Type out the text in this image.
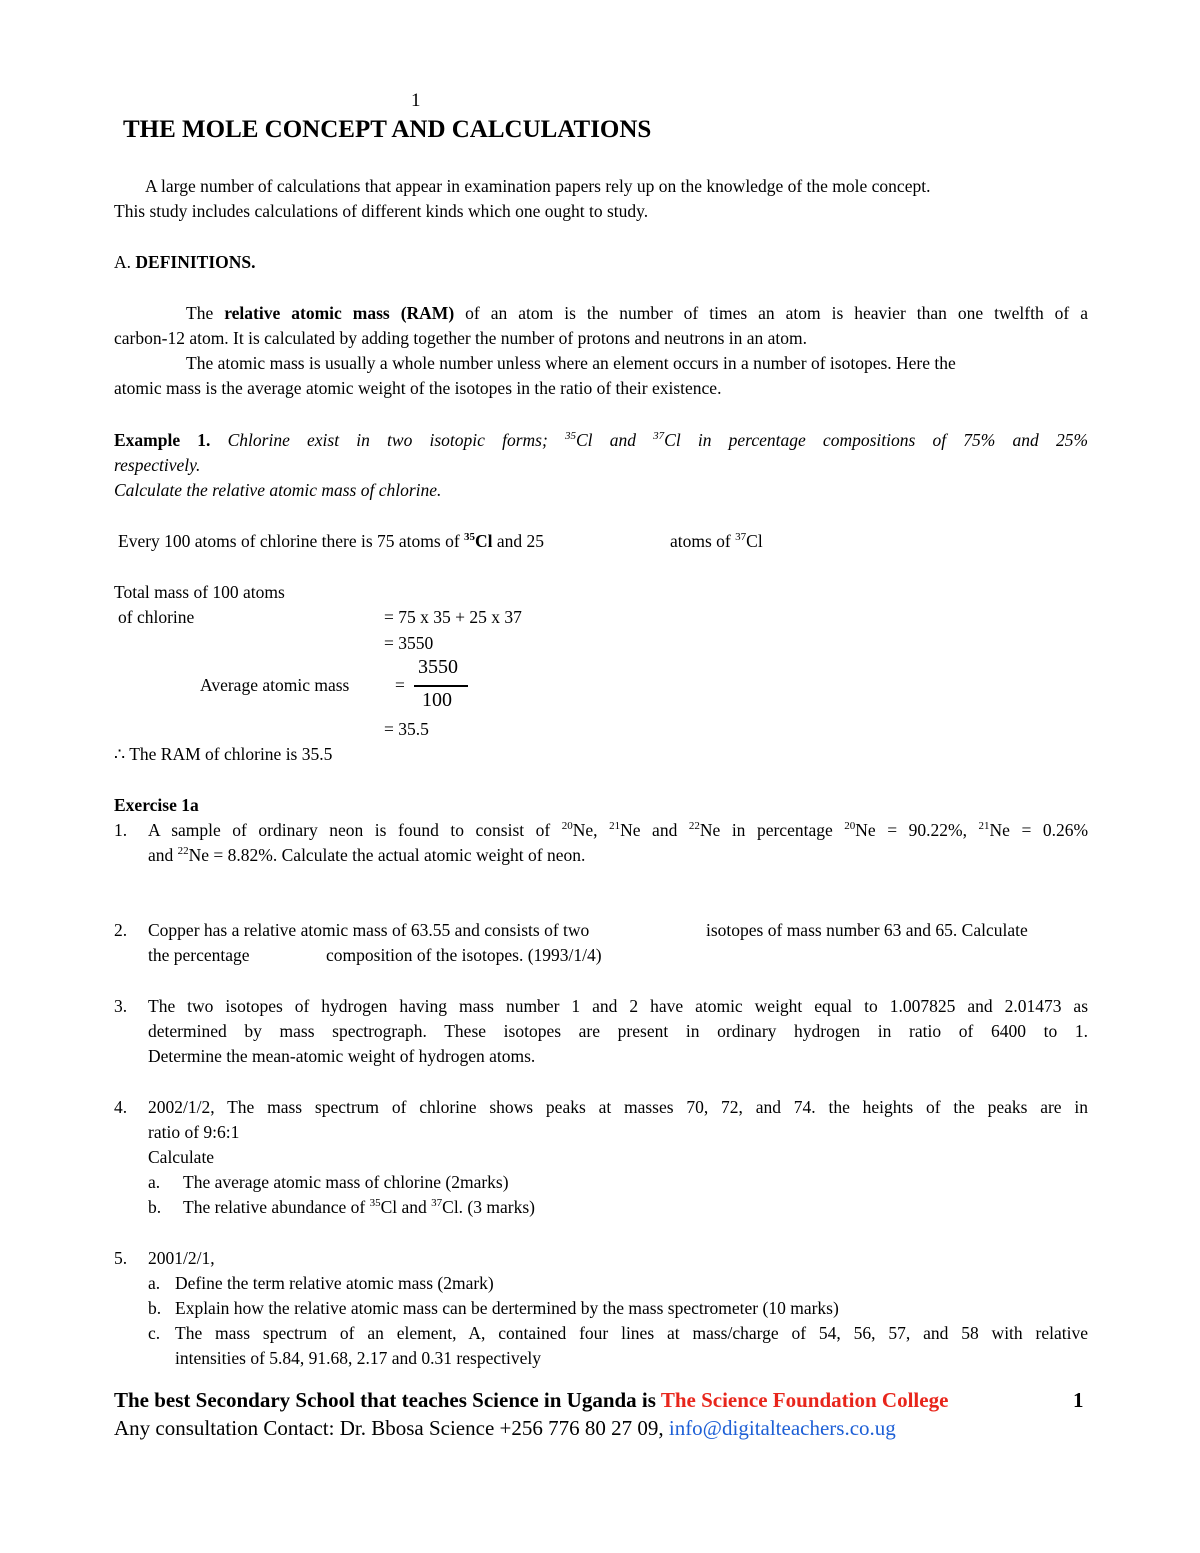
1
THE MOLE CONCEPT AND CALCULATIONS
A large number of calculations that appear in examination papers rely up on the knowledge of the mole concept.
This study includes calculations of different kinds which one ought to study.
A. DEFINITIONS.
The relative atomic mass (RAM) of an atom is the number of times an atom is heavier than one twelfth of a
carbon-12 atom. It is calculated by adding together the number of protons and neutrons in an atom.
The atomic mass is usually a whole number unless where an element occurs in a number of isotopes. Here the
atomic mass is the average atomic weight of the isotopes in the ratio of their existence.
Example 1. Chlorine exist in two isotopic forms; $^{35}$Cl and $^{37}$Cl in percentage compositions of 75% and 25%
respectively.
Calculate the relative atomic mass of chlorine.
Every 100 atoms of chlorine there is 75 atoms of $^{35}$Cl and 25	atoms of $^{37}$Cl
Total mass of 100 atoms
of chlorine	= 75 x 35 + 25 x 37
= 3550
Average atomic mass	=
3550
100
= 35.5
∴ The RAM of chlorine is 35.5
Exercise 1a
1. A sample of ordinary neon is found to consist of $^{20}$Ne, $^{21}$Ne and $^{22}$Ne in percentage $^{20}$Ne = 90.22%, $^{21}$Ne = 0.26%
and $^{22}$Ne = 8.82%. Calculate the actual atomic weight of neon.
2. Copper has a relative atomic mass of 63.55 and consists of two	isotopes of mass number 63 and 65. Calculate
the percentage	composition of the isotopes. (1993/1/4)
3. The two isotopes of hydrogen having mass number 1 and 2 have atomic weight equal to 1.007825 and 2.01473 as
determined by mass spectrograph. These isotopes are present in ordinary hydrogen in ratio of 6400 to 1.
Determine the mean-atomic weight of hydrogen atoms.
4. 2002/1/2, The mass spectrum of chlorine shows peaks at masses 70, 72, and 74. the heights of the peaks are in
ratio of 9:6:1
Calculate
a. The average atomic mass of chlorine (2marks)
b. The relative abundance of $^{35}$Cl and $^{37}$Cl. (3 marks)
5. 2001/2/1,
a. Define the term relative atomic mass (2mark)
b. Explain how the relative atomic mass can be dertermined by the mass spectrometer (10 marks)
c. The mass spectrum of an element, A, contained four lines at mass/charge of 54, 56, 57, and 58 with relative
intensities of 5.84, 91.68, 2.17 and 0.31 respectively
The best Secondary School that teaches Science in Uganda is The Science Foundation College	1
Any consultation Contact: Dr. Bbosa Science +256 776 80 27 09, info@digitalteachers.co.ug
